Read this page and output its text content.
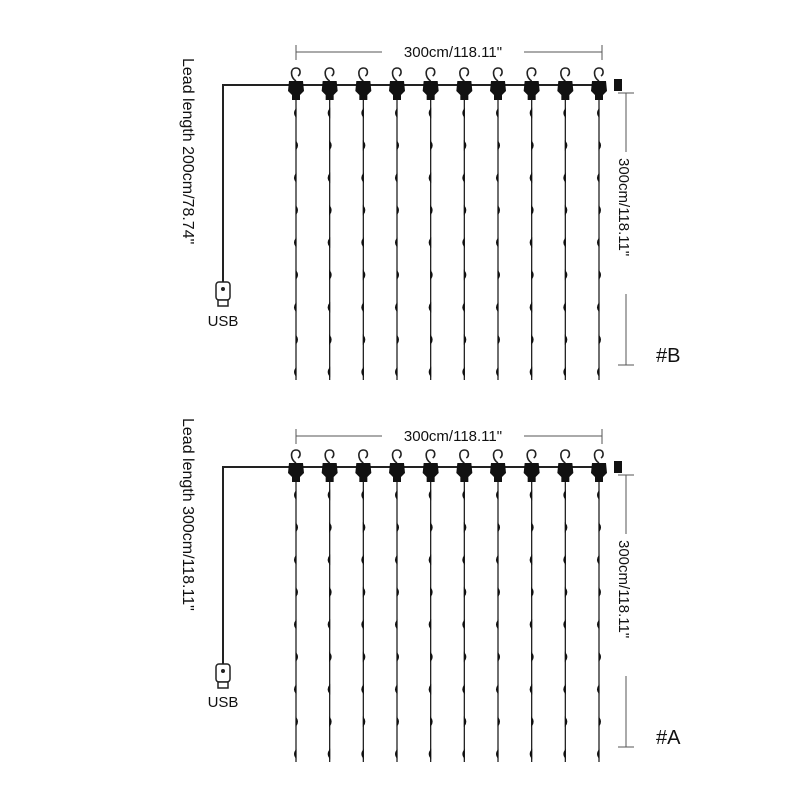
300cm/118.11"
USB
Lead length 200cm/78.74"	300cm/118.11"
#B
300cm/118.11"
USB
Lead length 300cm/118.11"	300cm/118.11"
#A
